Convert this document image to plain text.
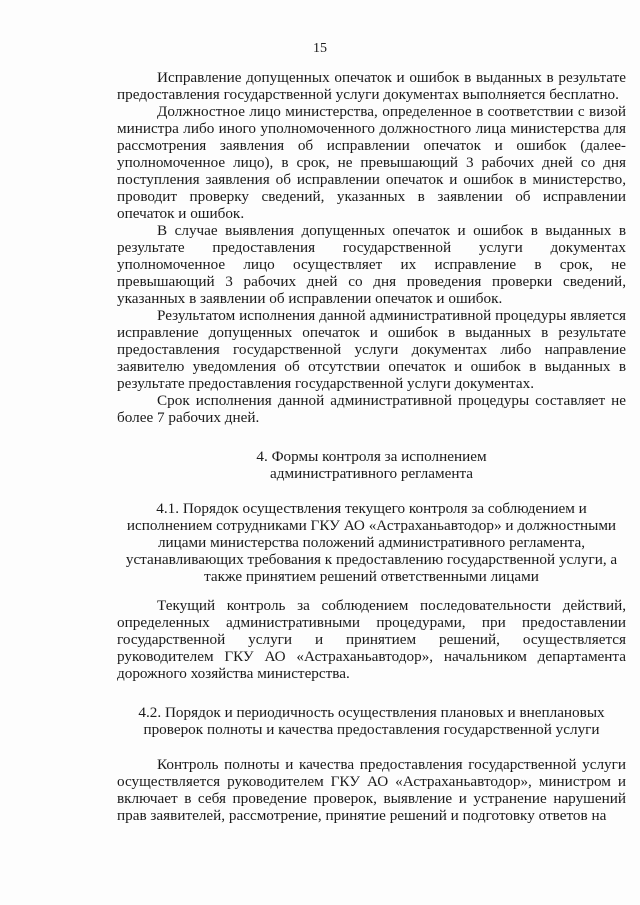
15

Исправление допущенных опечаток и ошибок в выданных в результате предоставления государственной услуги документах выполняется бесплатно.

Должностное лицо министерства, определенное в соответствии с визой министра либо иного уполномоченного должностного лица министерства для рассмотрения заявления об исправлении опечаток и ошибок (далее- уполномоченное лицо), в срок, не превышающий 3 рабочих дней со дня поступления заявления об исправлении опечаток и ошибок в министерство, проводит проверку сведений, указанных в заявлении об исправлении опечаток и ошибок.

В случае выявления допущенных опечаток и ошибок в выданных в результате предоставления государственной услуги документах уполномоченное лицо осуществляет их исправление в срок, не превышающий 3 рабочих дней со дня проведения проверки сведений, указанных в заявлении об исправлении опечаток и ошибок.

Результатом исполнения данной административной процедуры является исправление допущенных опечаток и ошибок в выданных в результате предоставления государственной услуги документах либо направление заявителю уведомления об отсутствии опечаток и ошибок в выданных в результате предоставления государственной услуги документах.

Срок исполнения данной административной процедуры составляет не более 7 рабочих дней.

4. Формы контроля за исполнением

административного регламента

4.1. Порядок осуществления текущего контроля за соблюдением и исполнением сотрудниками ГКУ АО «Астраханьавтодор» и должностными лицами министерства положений административного регламента, устанавливающих требования к предоставлению государственной услуги, а также принятием решений ответственными лицами

Текущий контроль за соблюдением последовательности действий, определенных административными процедурами, при предоставлении государственной услуги и принятием решений, осуществляется руководителем ГКУ АО «Астраханьавтодор», начальником департамента дорожного хозяйства министерства.

4.2. Порядок и периодичность осуществления плановых и внеплановых проверок полноты и качества предоставления государственной услуги

Контроль полноты и качества предоставления государственной услуги осуществляется руководителем ГКУ АО «Астраханьавтодор», министром и включает в себя проведение проверок, выявление и устранение нарушений прав заявителей, рассмотрение, принятие решений и подготовку ответов на
